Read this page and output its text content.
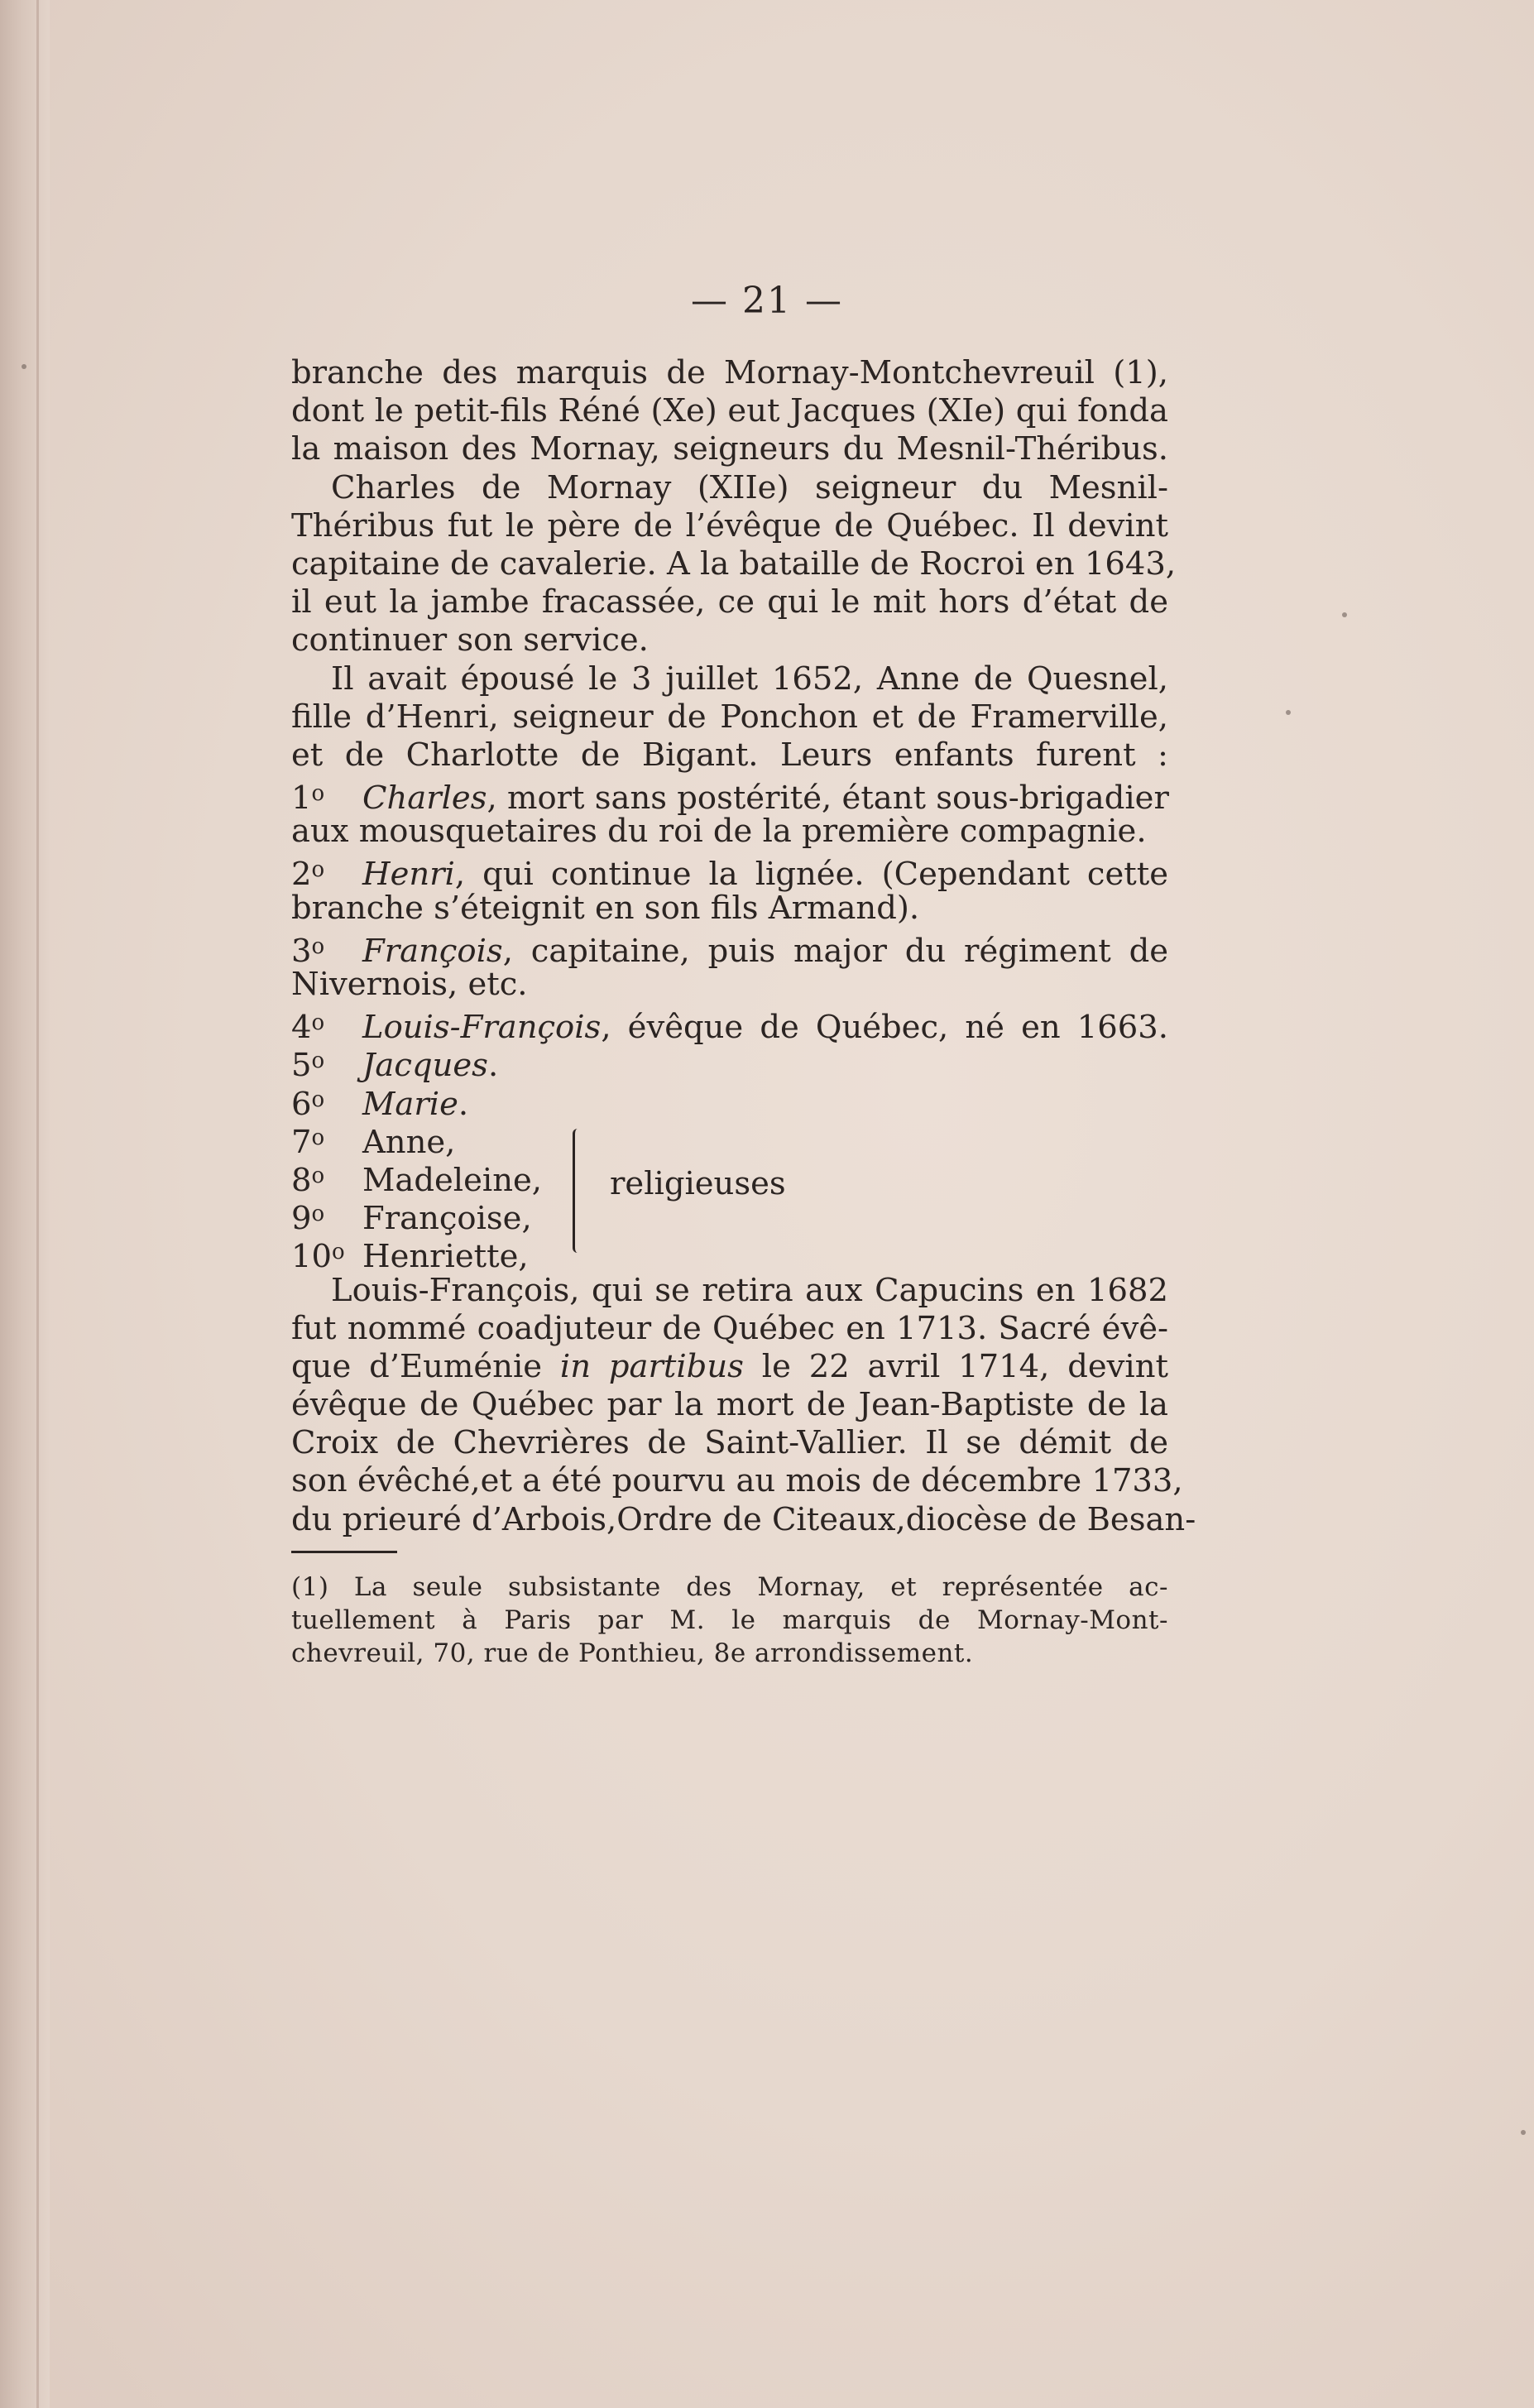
— 21 —
branche des marquis de Mornay-Montchevreuil (1),
dont le petit-fils Réné (Xe) eut Jacques (XIe) qui fonda
la maison des Mornay, seigneurs du Mesnil-Théribus.
Charles de Mornay (XIIe) seigneur du Mesnil-
Théribus fut le père de l’évêque de Québec. Il devint
capitaine de cavalerie. A la bataille de Rocroi en 1643,
il eut la jambe fracassée, ce qui le mit hors d’état de
continuer son service.
Il avait épousé le 3 juillet 1652, Anne de Quesnel,
fille d’Henri, seigneur de Ponchon et de Framerville,
et de Charlotte de Bigant. Leurs enfants furent :
1$^o$ Charles, mort sans postérité, étant sous-brigadier
aux mousquetaires du roi de la première compagnie.
2$^o$ Henri, qui continue la lignée. (Cependant cette
branche s’éteignit en son fils Armand).
3$^o$ François, capitaine, puis major du régiment de
Nivernois, etc.
4$^o$ Louis-François, évêque de Québec, né en 1663.
5$^o$ Jacques.
6$^o$ Marie.
7$^o$ Anne,
8$^o$ Madeleine,
9$^o$ Françoise,
10$^o$ Henriette,
religieuses
Louis-François, qui se retira aux Capucins en 1682
fut nommé coadjuteur de Québec en 1713. Sacré évê-
que d’Euménie in partibus le 22 avril 1714, devint
évêque de Québec par la mort de Jean-Baptiste de la
Croix de Chevrières de Saint-Vallier. Il se démit de
son évêché,et a été pourvu au mois de décembre 1733,
du prieuré d’Arbois,Ordre de Citeaux,diocèse de Besan-
(1) La seule subsistante des Mornay, et représentée ac-
tuellement à Paris par M. le marquis de Mornay-Mont-
chevreuil, 70, rue de Ponthieu, 8e arrondissement.
